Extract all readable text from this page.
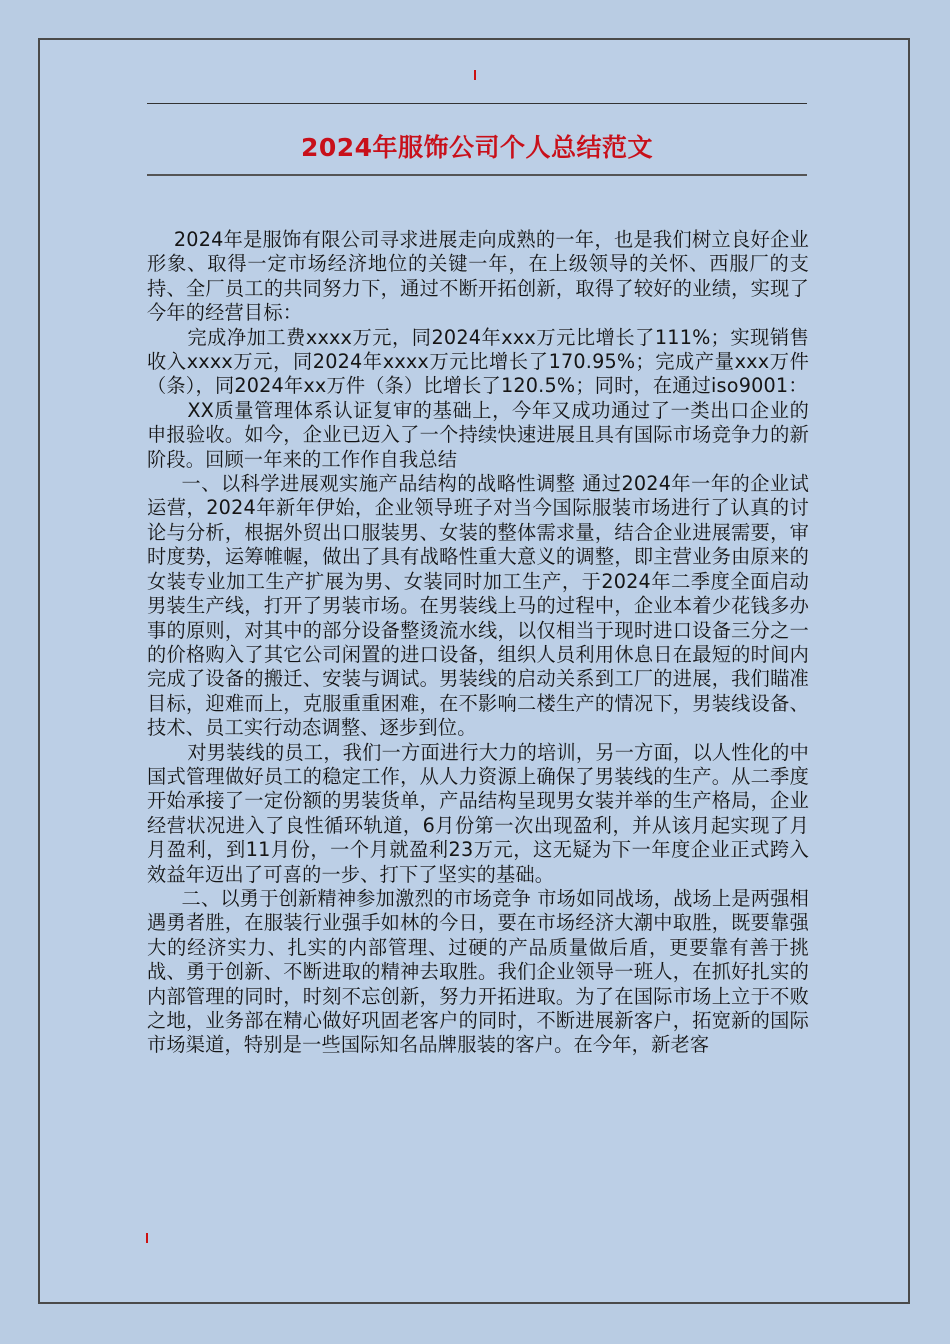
2024年服饰公司个人总结范文

2024年是服饰有限公司寻求进展走向成熟的一年，也是我们树立良好企业形象、取得一定市场经济地位的关键一年，在上级领导的关怀、西服厂的支持、全厂员工的共同努力下，通过不断开拓创新，取得了较好的业绩，实现了今年的经营目标：

完成净加工费xxxx万元，同2024年xxx万元比增长了111%；实现销售收入xxxx万元，同2024年xxxx万元比增长了170.95%；完成产量xxx万件（条），同2024年xx万件（条）比增长了120.5%；同时，在通过iso9001：

XX质量管理体系认证复审的基础上，今年又成功通过了一类出口企业的申报验收。如今，企业已迈入了一个持续快速进展且具有国际市场竞争力的新阶段。回顾一年来的工作作自我总结

一、以科学进展观实施产品结构的战略性调整 通过2024年一年的企业试运营，2024年新年伊始，企业领导班子对当今国际服装市场进行了认真的讨论与分析，根据外贸出口服装男、女装的整体需求量，结合企业进展需要，审时度势，运筹帷幄，做出了具有战略性重大意义的调整，即主营业务由原来的女装专业加工生产扩展为男、女装同时加工生产，于2024年二季度全面启动男装生产线，打开了男装市场。在男装线上马的过程中，企业本着少花钱多办事的原则，对其中的部分设备整烫流水线，以仅相当于现时进口设备三分之一的价格购入了其它公司闲置的进口设备，组织人员利用休息日在最短的时间内完成了设备的搬迁、安装与调试。男装线的启动关系到工厂的进展，我们瞄准目标，迎难而上，克服重重困难，在不影响二楼生产的情况下，男装线设备、技术、员工实行动态调整、逐步到位。

对男装线的员工，我们一方面进行大力的培训，另一方面，以人性化的中国式管理做好员工的稳定工作，从人力资源上确保了男装线的生产。从二季度开始承接了一定份额的男装货单，产品结构呈现男女装并举的生产格局，企业经营状况进入了良性循环轨道，6月份第一次出现盈利，并从该月起实现了月月盈利，到11月份，一个月就盈利23万元，这无疑为下一年度企业正式跨入效益年迈出了可喜的一步、打下了坚实的基础。

二、以勇于创新精神参加激烈的市场竞争 市场如同战场，战场上是两强相遇勇者胜，在服装行业强手如林的今日，要在市场经济大潮中取胜，既要靠强大的经济实力、扎实的内部管理、过硬的产品质量做后盾，更要靠有善于挑战、勇于创新、不断进取的精神去取胜。我们企业领导一班人，在抓好扎实的内部管理的同时，时刻不忘创新，努力开拓进取。为了在国际市场上立于不败之地，业务部在精心做好巩固老客户的同时，不断进展新客户，拓宽新的国际市场渠道，特别是一些国际知名品牌服装的客户。在今年，新老客
